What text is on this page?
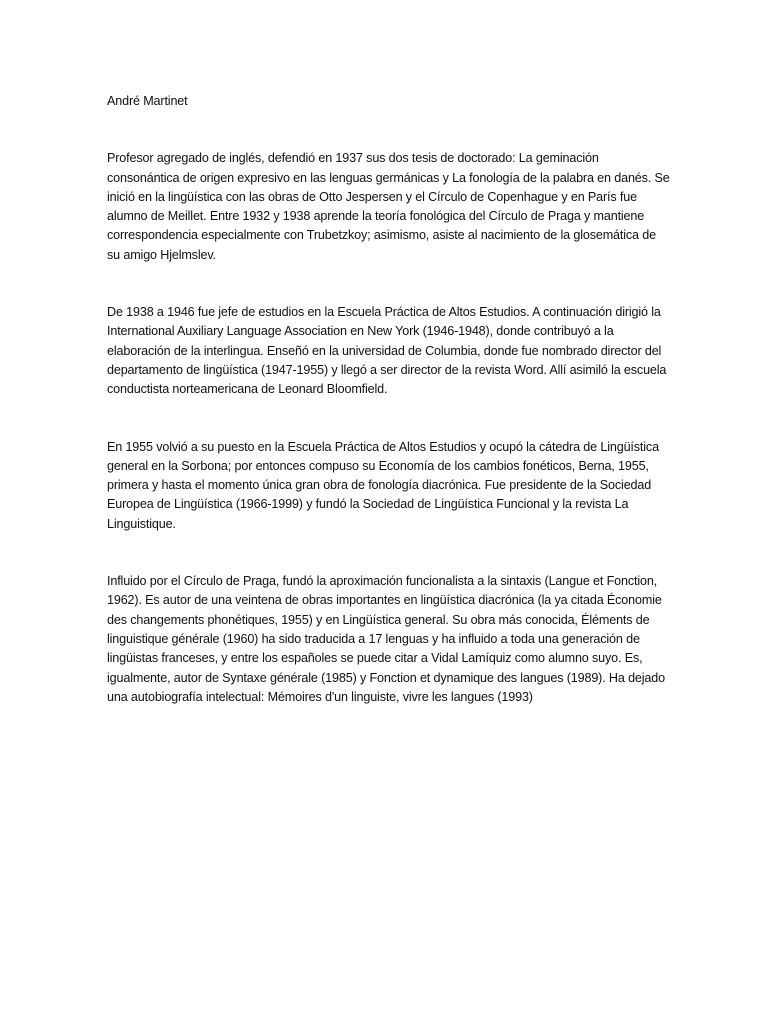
André Martinet

Profesor agregado de inglés, defendió en 1937 sus dos tesis de doctorado: La geminación consonántica de origen expresivo en las lenguas germánicas y La fonología de la palabra en danés. Se inició en la lingüística con las obras de Otto Jespersen y el Círculo de Copenhague y en París fue alumno de Meillet. Entre 1932 y 1938 aprende la teoría fonológica del Círculo de Praga y mantiene correspondencia especialmente con Trubetzkoy; asimismo, asiste al nacimiento de la glosemática de su amigo Hjelmslev.

De 1938 a 1946 fue jefe de estudios en la Escuela Práctica de Altos Estudios. A continuación dirigió la International Auxiliary Language Association en New York (1946-1948), donde contribuyó a la elaboración de la interlingua. Enseñó en la universidad de Columbia, donde fue nombrado director del departamento de lingüística (1947-1955) y llegó a ser director de la revista Word. Allí asimiló la escuela conductista norteamericana de Leonard Bloomfield.

En 1955 volvió a su puesto en la Escuela Práctica de Altos Estudios y ocupó la cátedra de Lingüística general en la Sorbona; por entonces compuso su Economía de los cambios fonéticos, Berna, 1955, primera y hasta el momento única gran obra de fonología diacrónica. Fue presidente de la Sociedad Europea de Lingüística (1966-1999) y fundó la Sociedad de Lingüística Funcional y la revista La Linguistique.

Influido por el Círculo de Praga, fundó la aproximación funcionalista a la sintaxis (Langue et Fonction, 1962). Es autor de una veintena de obras importantes en lingüística diacrónica (la ya citada Économie des changements phonétiques, 1955) y en Lingüística general. Su obra más conocida, Éléments de linguistique générale (1960) ha sido traducida a 17 lenguas y ha influido a toda una generación de lingüistas franceses, y entre los españoles se puede citar a Vidal Lamíquiz como alumno suyo. Es, igualmente, autor de Syntaxe générale (1985) y Fonction et dynamique des langues (1989). Ha dejado una autobiografía intelectual: Mémoires d'un linguiste, vivre les langues (1993)
